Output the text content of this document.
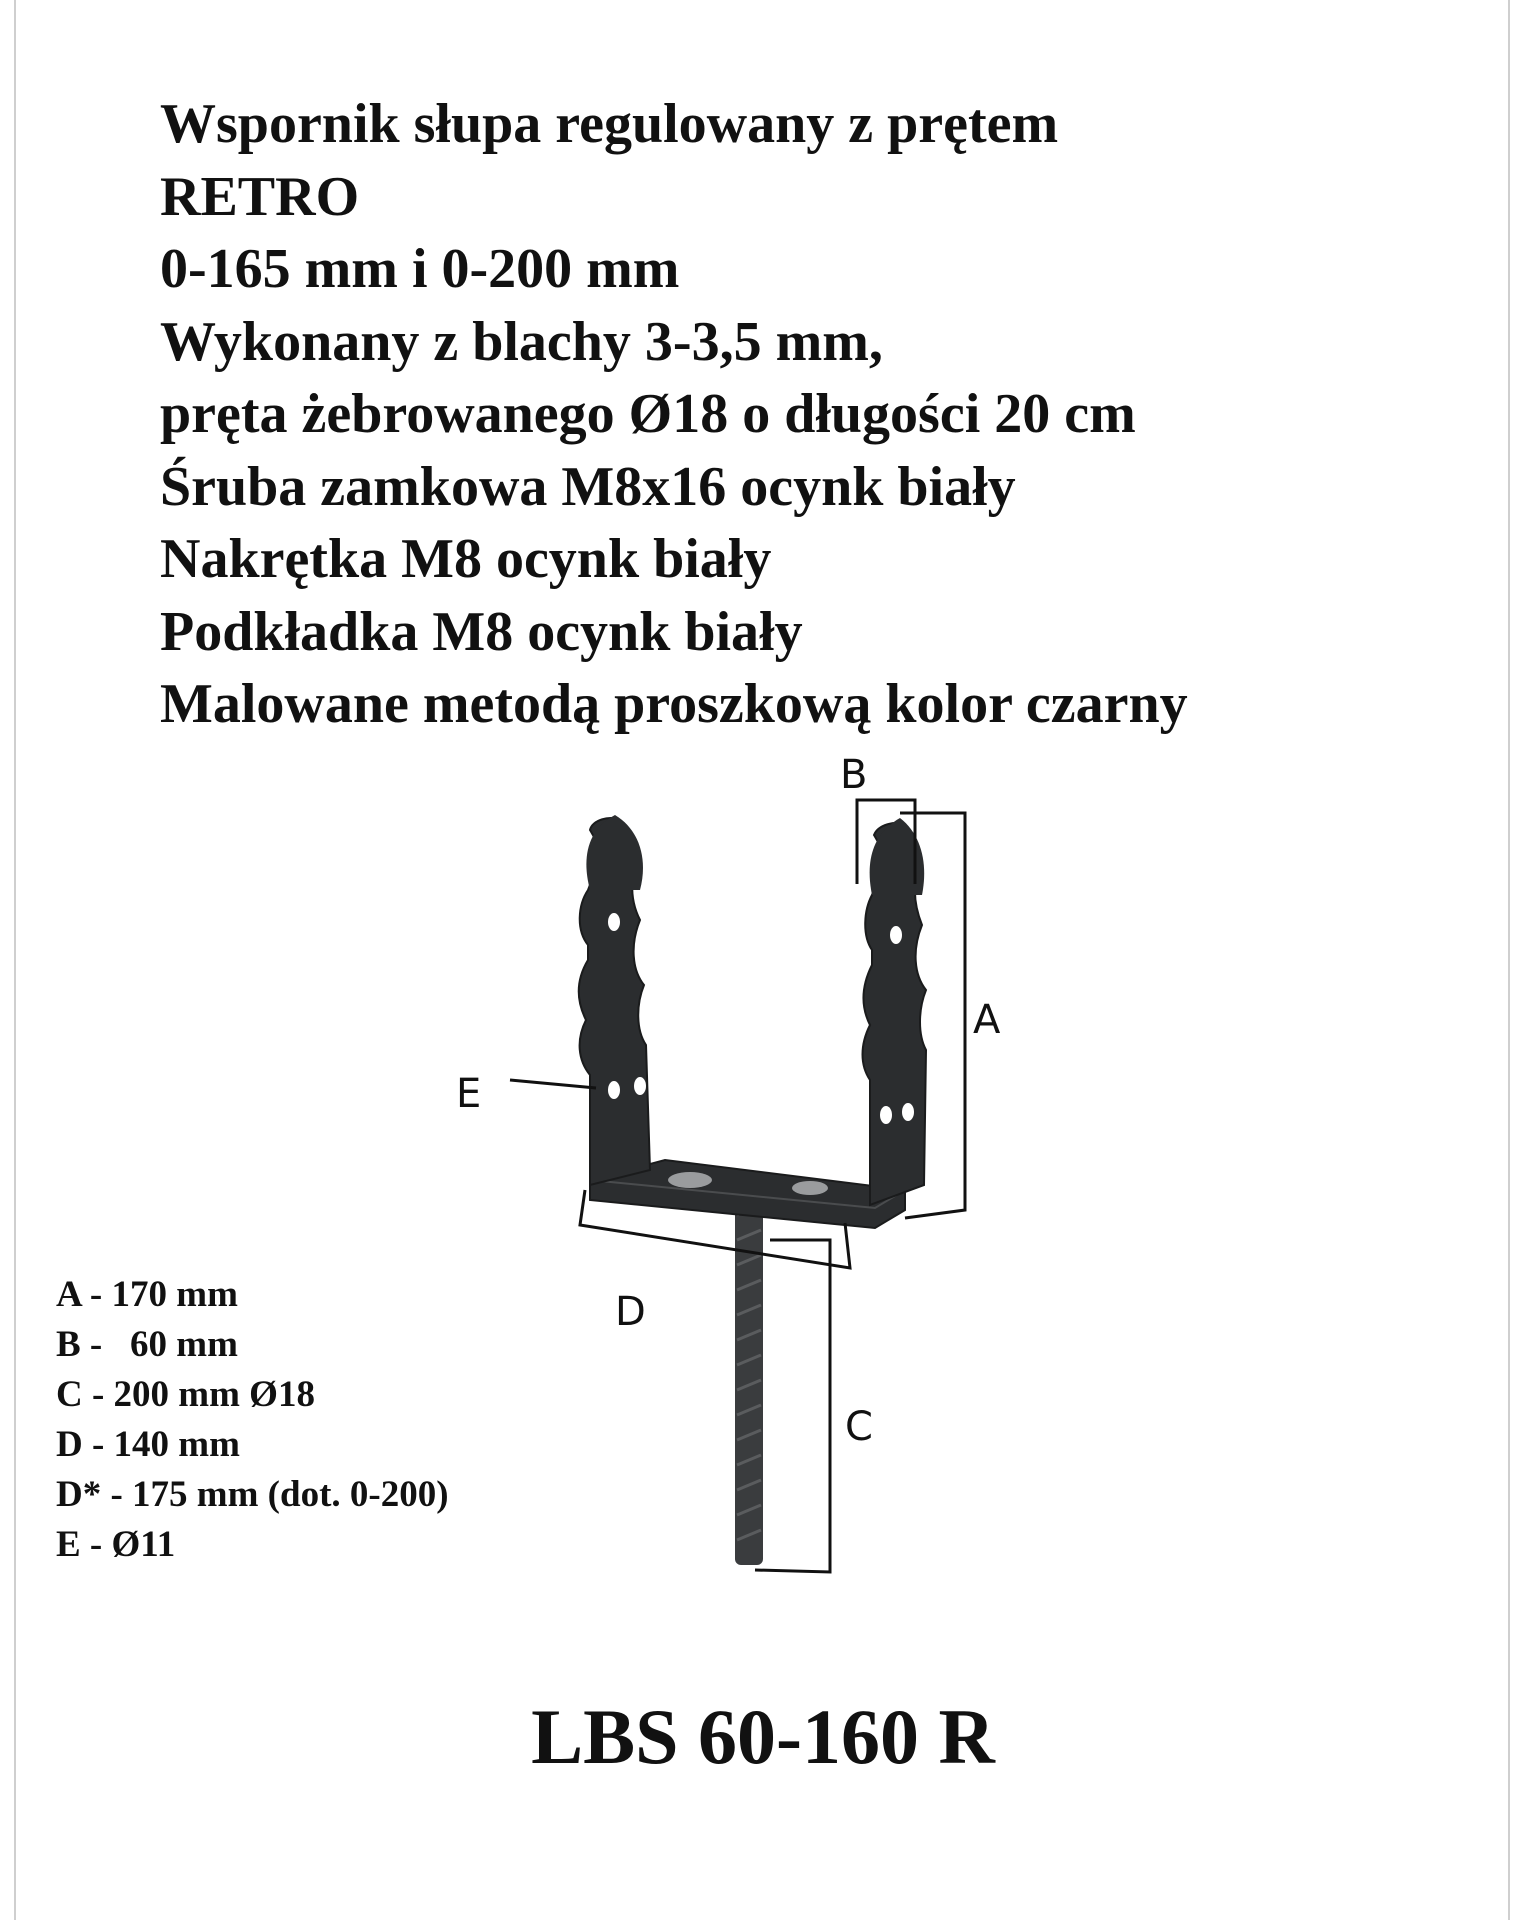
Wspornik słupa regulowany z prętem
RETRO
0-165 mm i 0-200 mm
Wykonany z blachy 3-3,5 mm,
pręta żebrowanego Ø18 o długości 20 cm
Śruba zamkowa M8x16 ocynk biały
Nakrętka M8 ocynk biały
Podkładka M8 ocynk biały
Malowane metodą proszkową kolor czarny
B
A
D
C
E
A - 170 mm
B -   60 mm
C - 200 mm Ø18
D - 140 mm
D* - 175 mm (dot. 0-200)
E - Ø11
LBS 60-160 R
